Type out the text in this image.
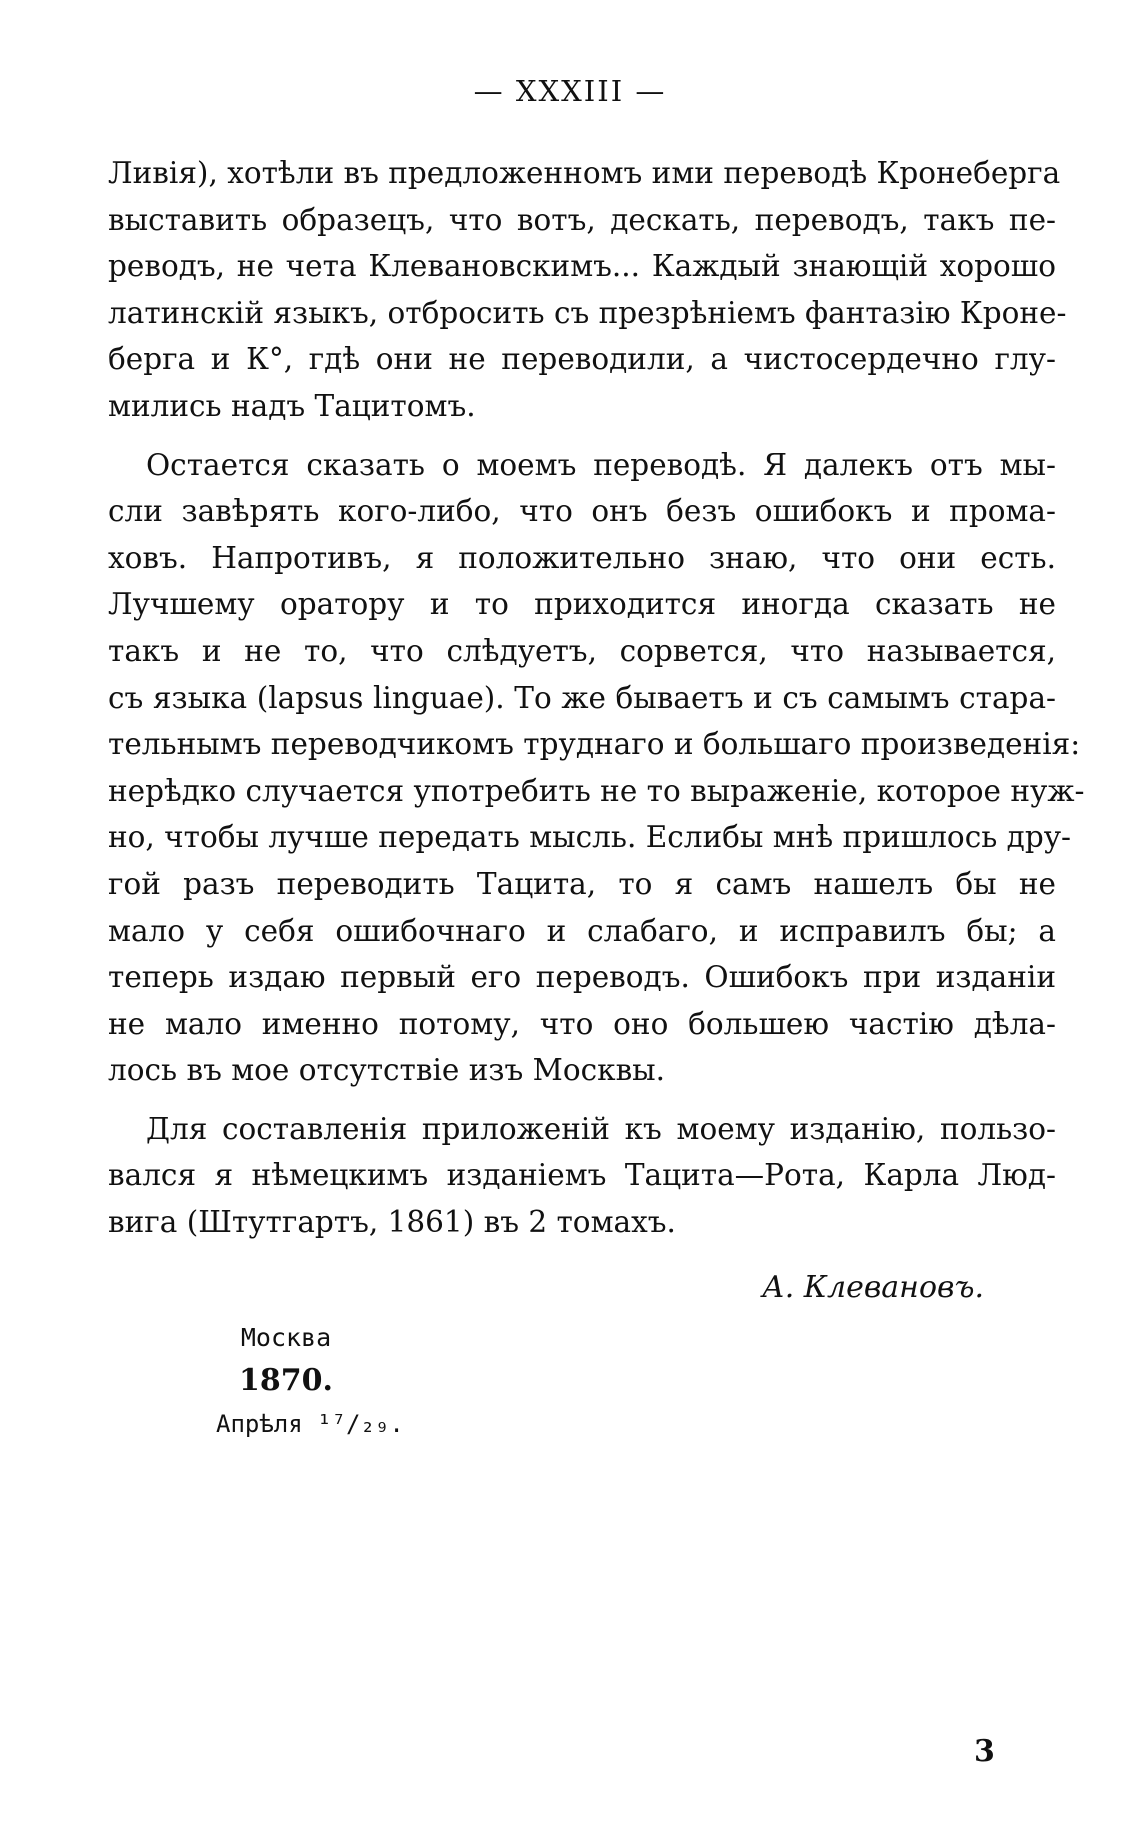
— XXXIII —
Ливія), хотѣли въ предложенномъ ими переводѣ Кронеберга
выставить образецъ, что вотъ, дескать, переводъ, такъ пе-
реводъ, не чета Клевановскимъ... Каждый знающій хорошо
латинскій языкъ, отбросить съ презрѣніемъ фантазію Кроне-
берга и К°, гдѣ они не переводили, а чистосердечно глу-
мились надъ Тацитомъ.
Остается сказать о моемъ переводѣ. Я далекъ отъ мы-
сли завѣрять кого-либо, что онъ безъ ошибокъ и прома-
ховъ. Напротивъ, я положительно знаю, что они есть.
Лучшему оратору и то приходится иногда сказать не
такъ и не то, что слѣдуетъ, сорвется, что называется,
съ языка (lapsus linguae). То же бываетъ и съ самымъ стара-
тельнымъ переводчикомъ труднаго и большаго произведенія:
нерѣдко случается употребить не то выраженіе, которое нуж-
но, чтобы лучше передать мысль. Еслибы мнѣ пришлось дру-
гой разъ переводить Тацита, то я самъ нашелъ бы не
мало у себя ошибочнаго и слабаго, и исправилъ бы; а
теперь издаю первый его переводъ. Ошибокъ при изданіи
не мало именно потому, что оно большею частію дѣла-
лось въ мое отсутствіе изъ Москвы.
Для составленія приложеній къ моему изданію, пользо-
вался я нѣмецкимъ изданіемъ Тацита—Рота, Карла Люд-
вига (Штутгартъ, 1861) въ 2 томахъ.
А. Клевановъ.
Москва
1870.
Апрѣля ¹⁷/₂₉.
3
